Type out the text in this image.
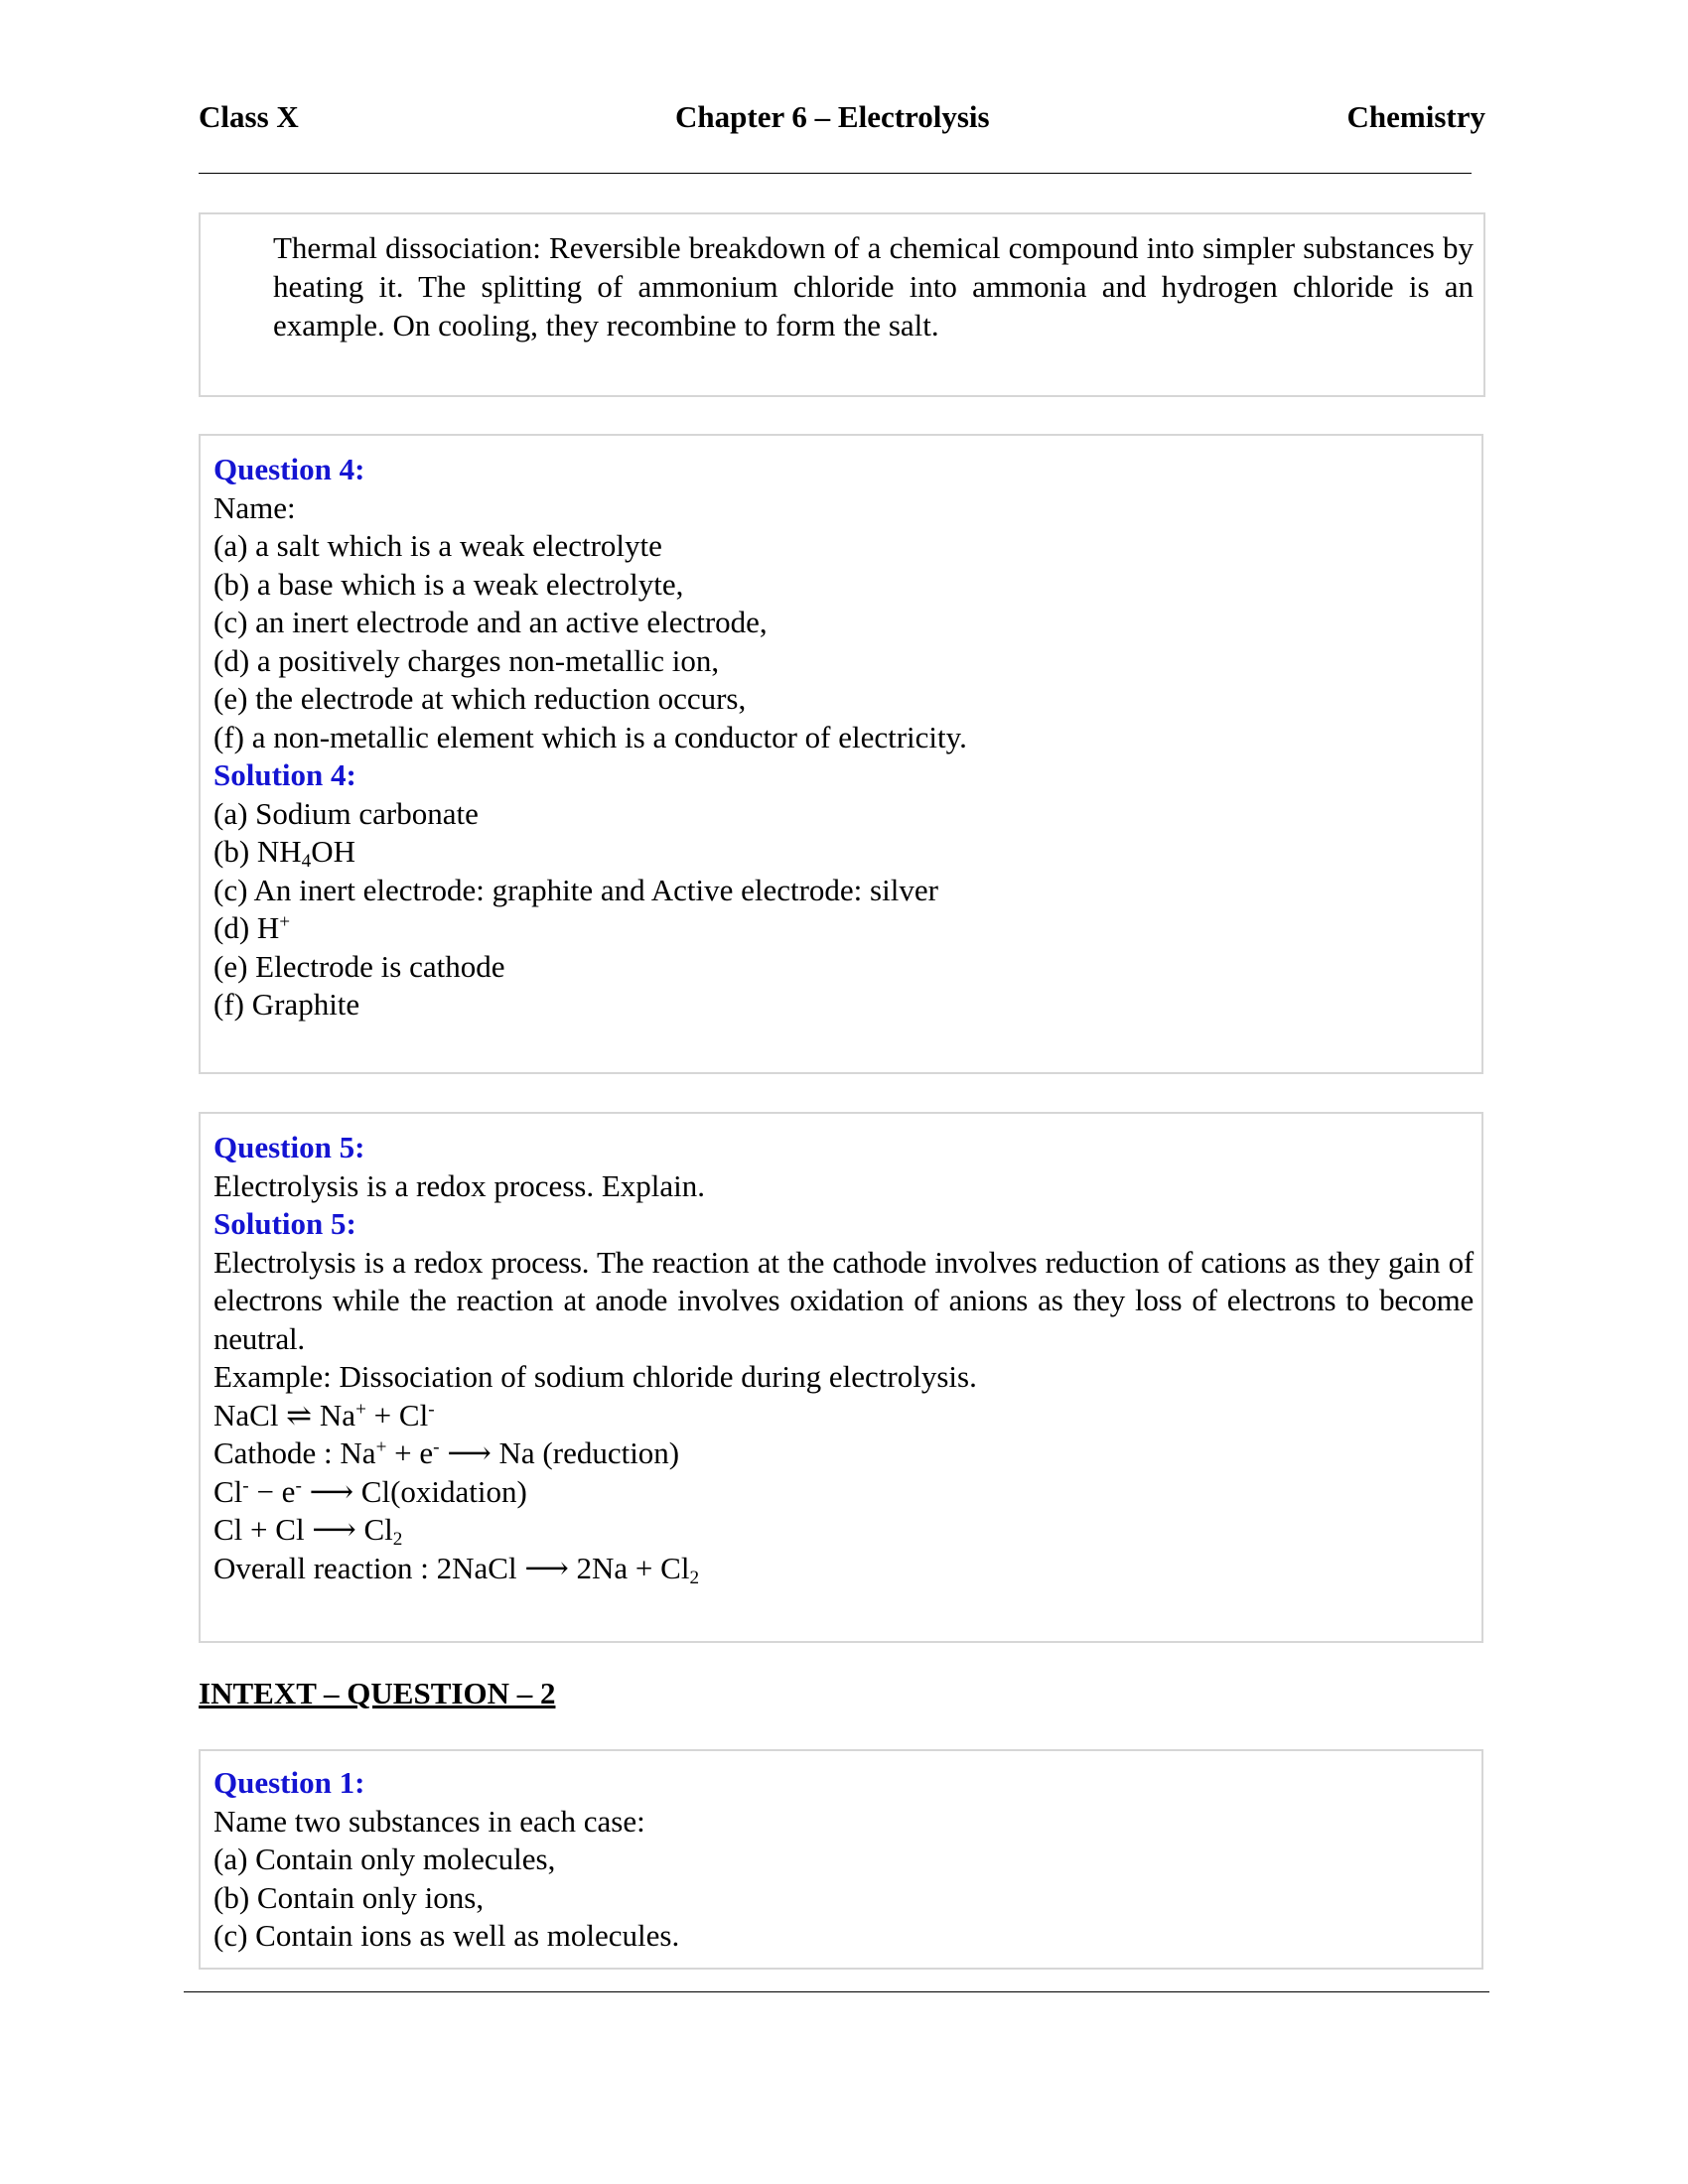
Class X	Chapter 6 – Electrolysis	Chemistry
Thermal dissociation: Reversible breakdown of a chemical compound into simpler substances by heating it. The splitting of ammonium chloride into ammonia and hydrogen chloride is an example. On cooling, they recombine to form the salt.
Question 4:
Name:
(a) a salt which is a weak electrolyte
(b) a base which is a weak electrolyte,
(c) an inert electrode and an active electrode,
(d) a positively charges non-metallic ion,
(e) the electrode at which reduction occurs,
(f) a non-metallic element which is a conductor of electricity.
Solution 4:
(a) Sodium carbonate
(b) $NH_4OH$
(c) An inert electrode: graphite and Active electrode: silver
(d) H+
(e) Electrode is cathode
(f) Graphite
Question 5:
Electrolysis is a redox process. Explain.
Solution 5:
Electrolysis is a redox process. The reaction at the cathode involves reduction of cations as they gain of electrons while the reaction at anode involves oxidation of anions as they loss of electrons to become neutral.
Example: Dissociation of sodium chloride during electrolysis.
NaCl ⇌ Na+ + Cl-
Cathode : Na+ + e- ⟶ Na (reduction)
Cl- − e- ⟶ Cl(oxidation)
Cl + Cl ⟶ $Cl_2$
Overall reaction : 2NaCl ⟶ $2Na + Cl_2$
INTEXT – QUESTION – 2
Question 1:
Name two substances in each case:
(a) Contain only molecules,
(b) Contain only ions,
(c) Contain ions as well as molecules.
